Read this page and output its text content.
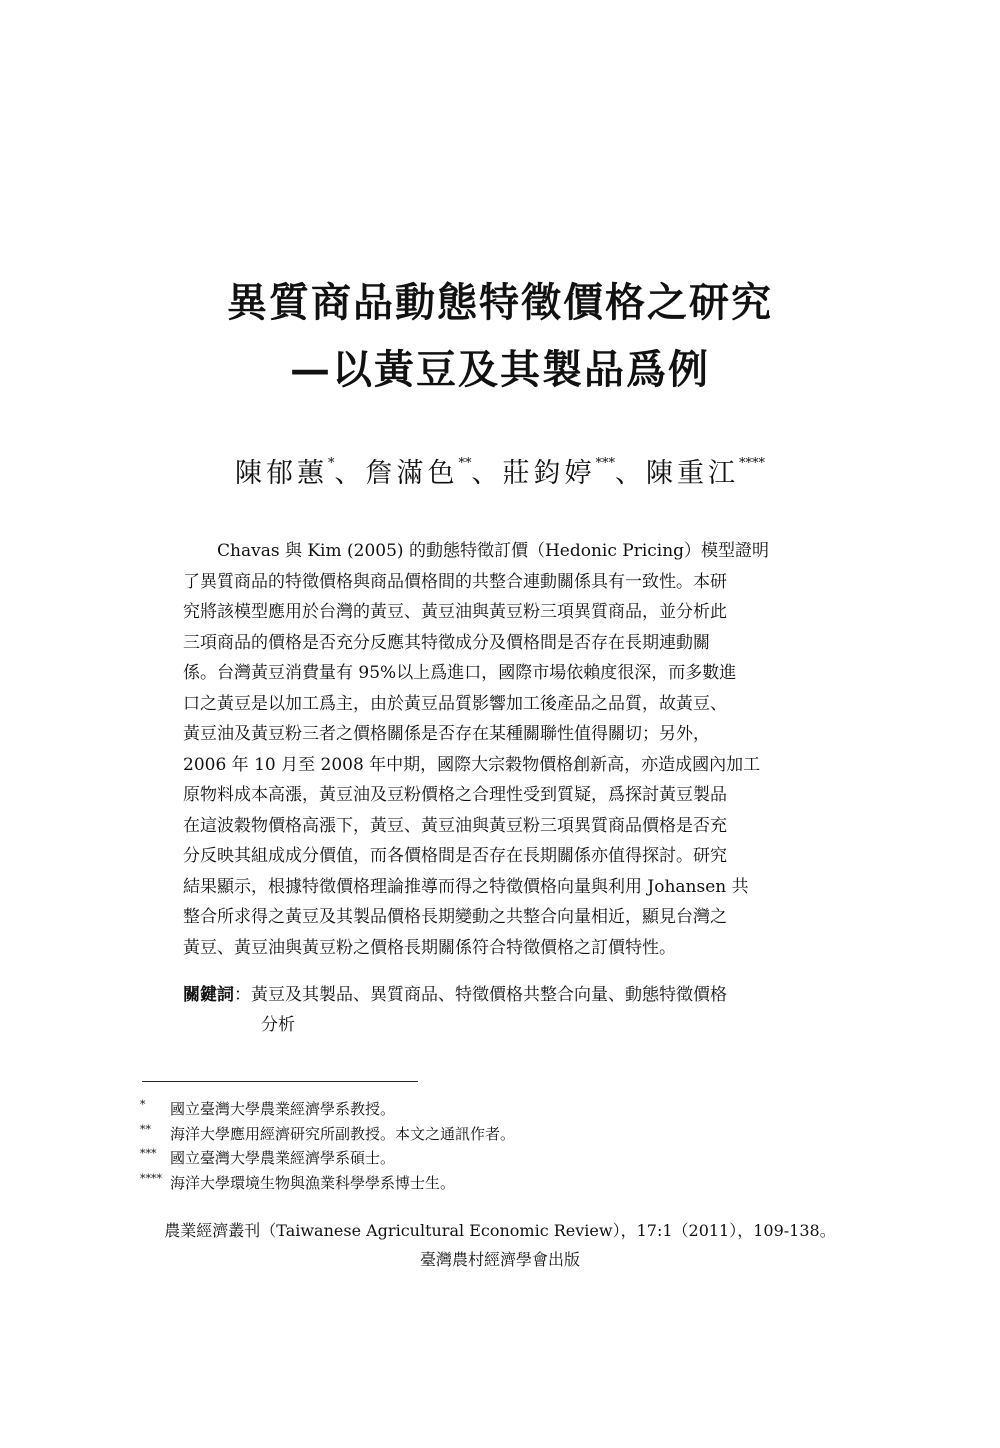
異質商品動態特徵價格之研究
—以黃豆及其製品爲例
陳郁蕙*、詹滿色**、莊鈞婷***、陳重江****
Chavas 與 Kim (2005) 的動態特徵訂價（Hedonic Pricing）模型證明
了異質商品的特徵價格與商品價格間的共整合連動關係具有一致性。本研
究將該模型應用於台灣的黃豆、黃豆油與黃豆粉三項異質商品，並分析此
三項商品的價格是否充分反應其特徵成分及價格間是否存在長期連動關
係。台灣黃豆消費量有 95%以上爲進口，國際市場依賴度很深，而多數進
口之黃豆是以加工爲主，由於黃豆品質影響加工後產品之品質，故黃豆、
黃豆油及黃豆粉三者之價格關係是否存在某種關聯性值得關切；另外，
2006 年 10 月至 2008 年中期，國際大宗穀物價格創新高，亦造成國內加工
原物料成本高漲，黃豆油及豆粉價格之合理性受到質疑，爲探討黃豆製品
在這波穀物價格高漲下，黃豆、黃豆油與黃豆粉三項異質商品價格是否充
分反映其組成成分價值，而各價格間是否存在長期關係亦值得探討。研究
結果顯示，根據特徵價格理論推導而得之特徵價格向量與利用 Johansen 共
整合所求得之黃豆及其製品價格長期變動之共整合向量相近，顯見台灣之
黃豆、黃豆油與黃豆粉之價格長期關係符合特徵價格之訂價特性。
關鍵詞：黃豆及其製品、異質商品、特徵價格共整合向量、動態特徵價格
分析
* 國立臺灣大學農業經濟學系教授。
** 海洋大學應用經濟研究所副教授。本文之通訊作者。
*** 國立臺灣大學農業經濟學系碩士。
**** 海洋大學環境生物與漁業科學學系博士生。
農業經濟叢刊（Taiwanese Agricultural Economic Review），17:1（2011），109-138。
臺灣農村經濟學會出版
